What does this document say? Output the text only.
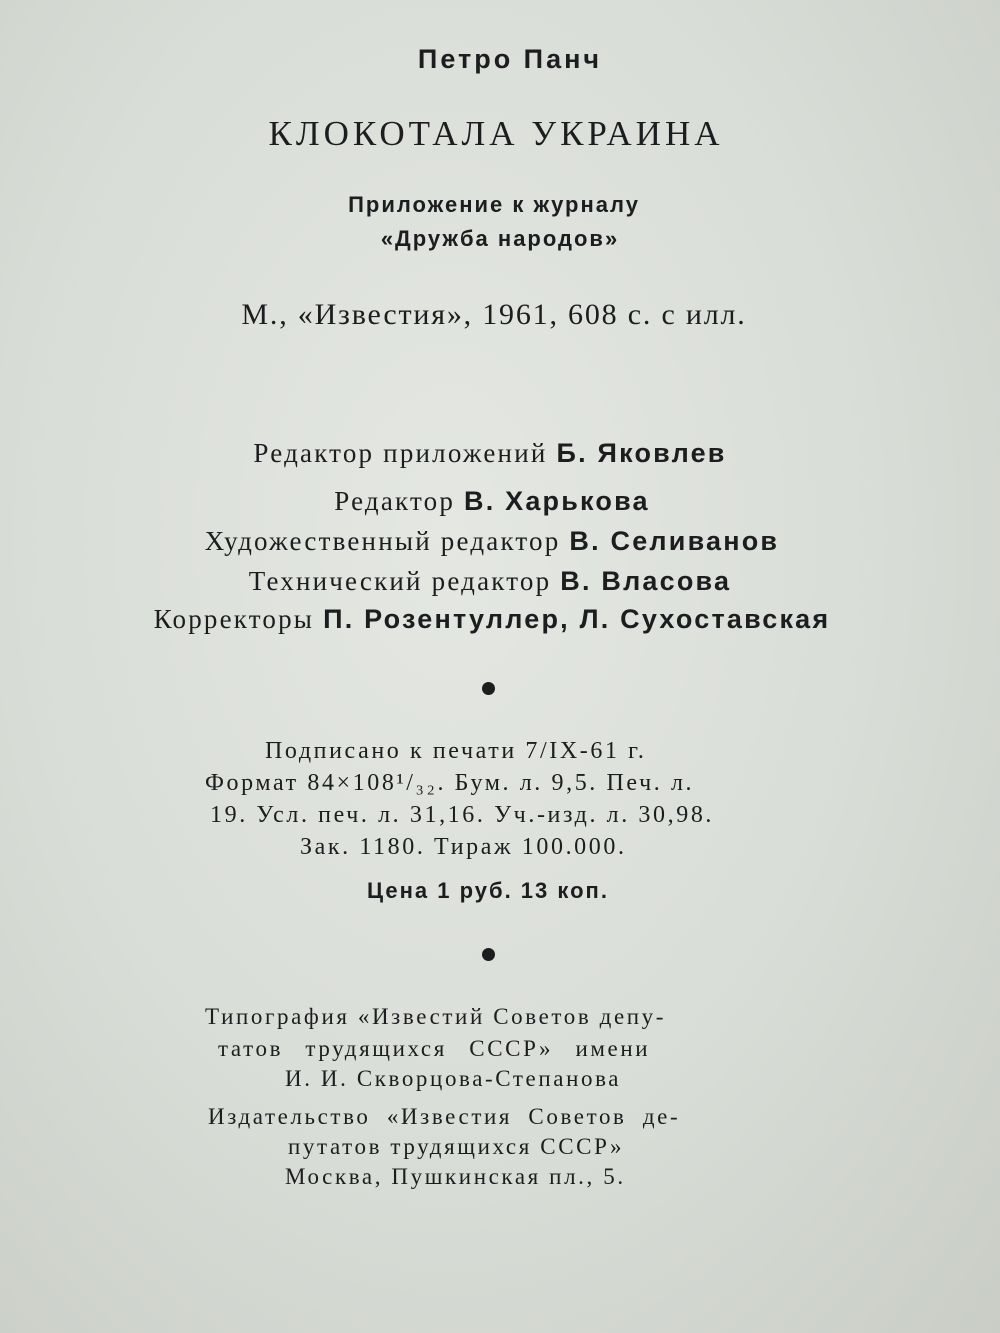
Петро Панч
КЛОКОТАЛА УКРАИНА
Приложение к журналу
«Дружба народов»
М., «Известия», 1961, 608 с. с илл.
Редактор приложений Б. Яковлев
Редактор В. Харькова
Художественный редактор В. Селиванов
Технический редактор В. Власова
Корректоры П. Розентуллер, Л. Сухоставская
Подписано к печати 7/IX-61 г.
Формат 84×108¹/₃₂. Бум. л. 9,5. Печ. л.
19. Усл. печ. л. 31,16. Уч.-изд. л. 30,98.
Зак. 1180. Тираж 100.000.
Цена 1 руб. 13 коп.
Типография «Известий Советов депу-
татов трудящихся СССР» имени
И. И. Скворцова-Степанова
Издательство «Известия Советов де-
путатов трудящихся СССР»
Москва, Пушкинская пл., 5.
